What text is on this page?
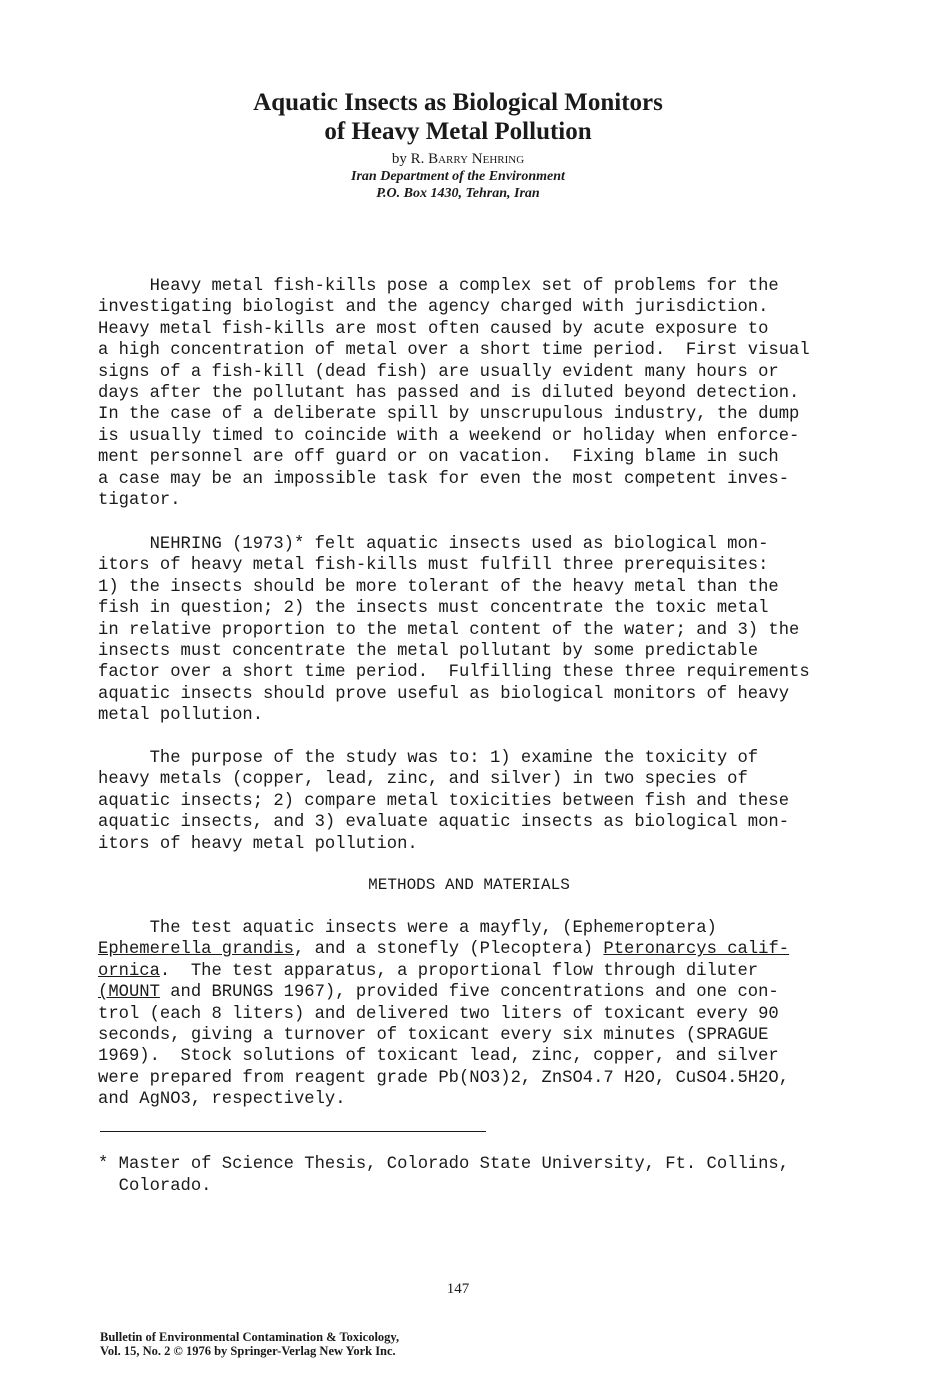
Aquatic Insects as Biological Monitors
of Heavy Metal Pollution
by R. Barry Nehring
Iran Department of the Environment
P.O. Box 1430, Tehran, Iran

Heavy metal fish-kills pose a complex set of problems for the
investigating biologist and the agency charged with jurisdiction.
Heavy metal fish-kills are most often caused by acute exposure to
a high concentration of metal over a short time period.  First visual
signs of a fish-kill (dead fish) are usually evident many hours or
days after the pollutant has passed and is diluted beyond detection.
In the case of a deliberate spill by unscrupulous industry, the dump
is usually timed to coincide with a weekend or holiday when enforce-
ment personnel are off guard or on vacation.  Fixing blame in such
a case may be an impossible task for even the most competent inves-
tigator.

NEHRING (1973)* felt aquatic insects used as biological mon-
itors of heavy metal fish-kills must fulfill three prerequisites:
1) the insects should be more tolerant of the heavy metal than the
fish in question; 2) the insects must concentrate the toxic metal
in relative proportion to the metal content of the water; and 3) the
insects must concentrate the metal pollutant by some predictable
factor over a short time period.  Fulfilling these three requirements
aquatic insects should prove useful as biological monitors of heavy
metal pollution.

The purpose of the study was to: 1) examine the toxicity of
heavy metals (copper, lead, zinc, and silver) in two species of
aquatic insects; 2) compare metal toxicities between fish and these
aquatic insects, and 3) evaluate aquatic insects as biological mon-
itors of heavy metal pollution.

METHODS AND MATERIALS
The test aquatic insects were a mayfly, (Ephemeroptera)
Ephemerella grandis, and a stonefly (Plecoptera) Pteronarcys calif-
ornica.  The test apparatus, a proportional flow through diluter
(MOUNT and BRUNGS 1967), provided five concentrations and one con-
trol (each 8 liters) and delivered two liters of toxicant every 90
seconds, giving a turnover of toxicant every six minutes (SPRAGUE
1969).  Stock solutions of toxicant lead, zinc, copper, and silver
were prepared from reagent grade Pb(NO3)2, ZnSO4.7 H2O, CuSO4.5H2O,
and AgNO3, respectively.
* Master of Science Thesis, Colorado State University, Ft. Collins,
Colorado.
147
Bulletin of Environmental Contamination & Toxicology,
Vol. 15, No. 2 © 1976 by Springer-Verlag New York Inc.
